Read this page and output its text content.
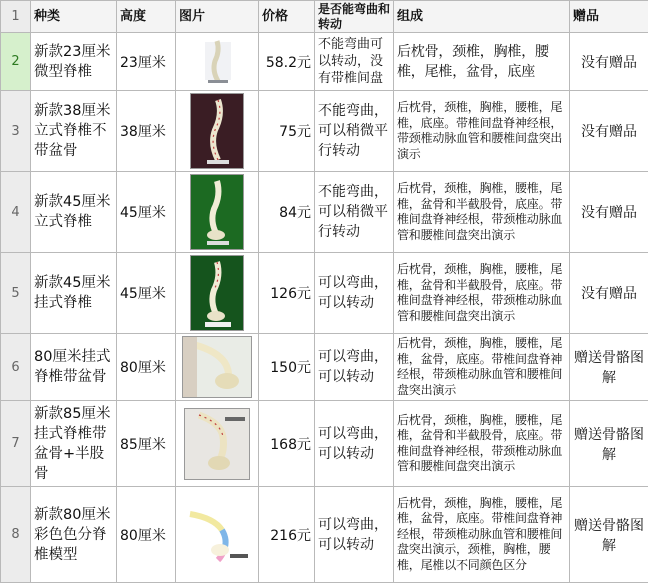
1	种类	高度	图片	价格	是否能弯曲和转动	组成	赠品
2	新款23厘米微型脊椎	23厘米		58.2元	不能弯曲可以转动，没有带椎间盘	后枕骨，颈椎，胸椎，腰椎，尾椎，盆骨，底座	没有赠品
3	新款38厘米立式脊椎不带盆骨	38厘米		75元	不能弯曲，可以稍微平行转动	后枕骨，颈椎，胸椎，腰椎，尾椎，底座。带椎间盘脊神经根，带颈椎动脉血管和腰椎间盘突出演示	没有赠品
4	新款45厘米立式脊椎	45厘米		84元	不能弯曲，可以稍微平行转动	后枕骨，颈椎，胸椎，腰椎，尾椎，盆骨和半截股骨，底座。带椎间盘脊神经根，带颈椎动脉血管和腰椎间盘突出演示	没有赠品
5	新款45厘米挂式脊椎	45厘米		126元	可以弯曲，可以转动	后枕骨，颈椎，胸椎，腰椎，尾椎，盆骨和半截股骨，底座。带椎间盘脊神经根，带颈椎动脉血管和腰椎间盘突出演示	没有赠品
6	80厘米挂式脊椎带盆骨	80厘米		150元	可以弯曲，可以转动	后枕骨，颈椎，胸椎，腰椎，尾椎，盆骨，底座。带椎间盘脊神经根，带颈椎动脉血管和腰椎间盘突出演示	赠送骨骼图解
7	新款85厘米挂式脊椎带盆骨+半股骨	85厘米		168元	可以弯曲，可以转动	后枕骨，颈椎，胸椎，腰椎，尾椎，盆骨和半截股骨，底座。带椎间盘脊神经根，带颈椎动脉血管和腰椎间盘突出演示	赠送骨骼图解
8	新款80厘米彩色色分脊椎模型	80厘米		216元	可以弯曲，可以转动	后枕骨，颈椎，胸椎，腰椎，尾椎，盆骨，底座。带椎间盘脊神经根，带颈椎动脉血管和腰椎间盘突出演示，颈椎，胸椎，腰椎，尾椎以不同颜色区分	赠送骨骼图解
